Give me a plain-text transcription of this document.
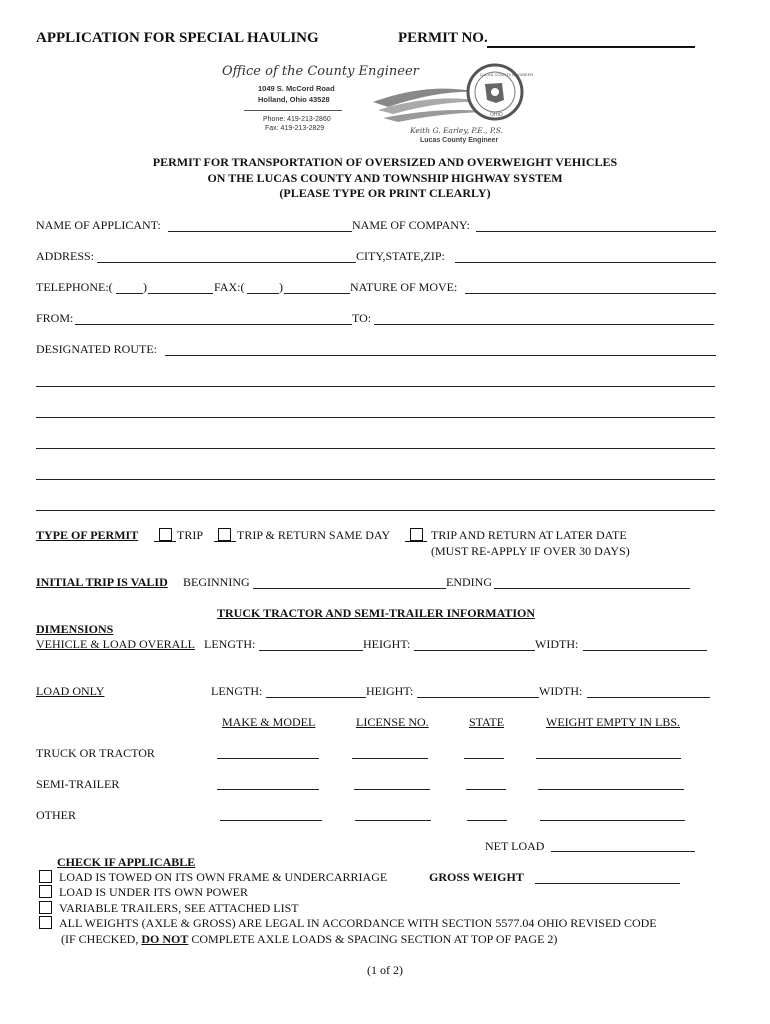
APPLICATION FOR SPECIAL HAULING	PERMIT NO.
Office of the County Engineer
1049 S. McCord Road
Holland, Ohio 43528
Phone: 419-213-2860
Fax: 419-213-2829
LUCAS COUNTY ENGINEER
OHIO
Keith G. Earley, P.E., P.S.
Lucas County Engineer
PERMIT FOR TRANSPORTATION OF OVERSIZED AND OVERWEIGHT VEHICLES
ON THE LUCAS COUNTY AND TOWNSHIP HIGHWAY SYSTEM
(PLEASE TYPE OR PRINT CLEARLY)
NAME OF APPLICANT:	NAME OF COMPANY:
ADDRESS:	CITY,STATE,ZIP:
TELEPHONE:(	)	FAX:(	)	NATURE OF MOVE:
FROM:	TO:
DESIGNATED ROUTE:
TYPE OF PERMIT	TRIP	TRIP & RETURN SAME DAY	TRIP AND RETURN AT LATER DATE
(MUST RE-APPLY IF OVER 30 DAYS)
INITIAL TRIP IS VALID BEGINNING	ENDING
TRUCK TRACTOR AND SEMI-TRAILER INFORMATION
DIMENSIONS
VEHICLE & LOAD OVERALL LENGTH:	HEIGHT:	WIDTH:
LOAD ONLY	LENGTH:	HEIGHT:	WIDTH:
MAKE & MODEL	LICENSE NO.	STATE	WEIGHT EMPTY IN LBS.
TRUCK OR TRACTOR
SEMI-TRAILER
OTHER
NET LOAD
CHECK IF APPLICABLE
LOAD IS TOWED ON ITS OWN FRAME & UNDERCARRIAGE	GROSS WEIGHT
LOAD IS UNDER ITS OWN POWER
VARIABLE TRAILERS, SEE ATTACHED LIST
ALL WEIGHTS (AXLE & GROSS) ARE LEGAL IN ACCORDANCE WITH SECTION 5577.04 OHIO REVISED CODE
(IF CHECKED, DO NOT COMPLETE AXLE LOADS & SPACING SECTION AT TOP OF PAGE 2)
(1 of 2)
